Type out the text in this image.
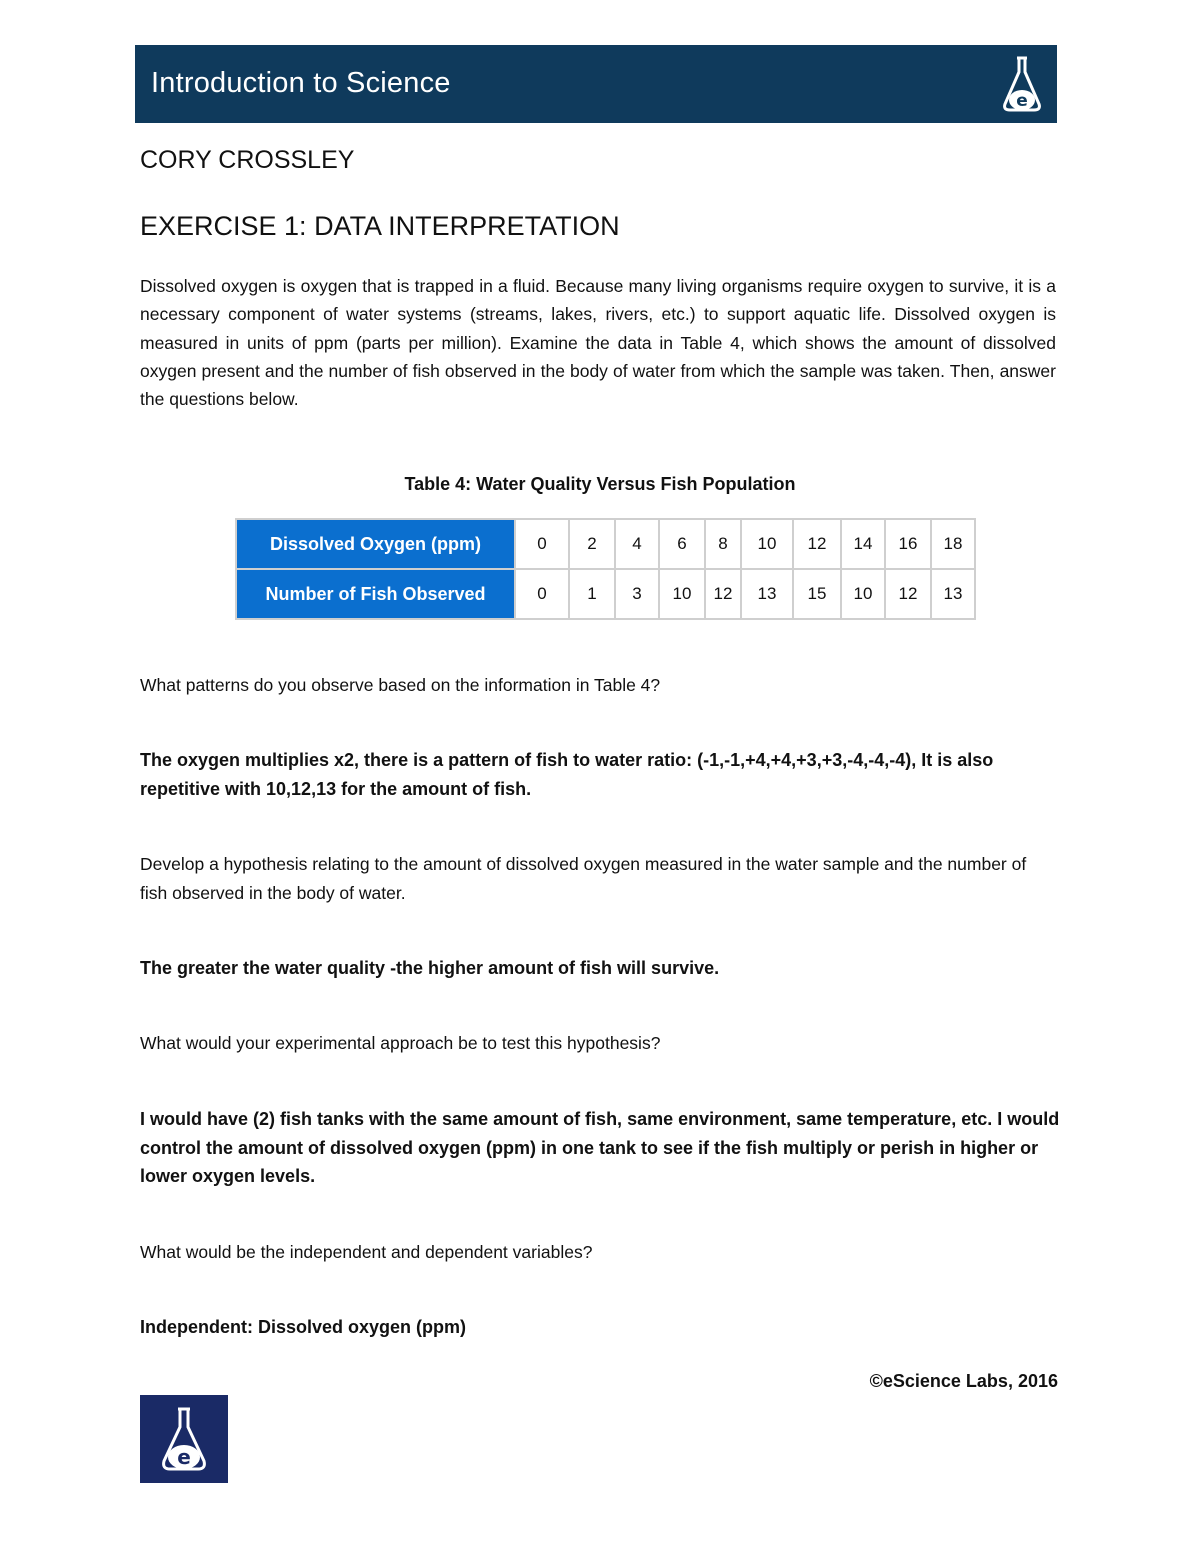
Introduction to Science
e
CORY CROSSLEY
EXERCISE 1: DATA INTERPRETATION
Dissolved oxygen is oxygen that is trapped in a fluid. Because many living organisms require oxygen to survive, it is a necessary component of water systems (streams, lakes, rivers, etc.) to support aquatic life. Dissolved oxygen is measured in units of ppm (parts per million). Examine the data in Table 4, which shows the amount of dissolved oxygen present and the number of fish observed in the body of water from which the sample was taken. Then, answer the questions below.
Table 4: Water Quality Versus Fish Population
Dissolved Oxygen (ppm)	0	2	4	6	8	10	12	14	16	18
Number of Fish Observed	0	1	3	10	12	13	15	10	12	13
What patterns do you observe based on the information in Table 4?
The oxygen multiplies x2, there is a pattern of fish to water ratio: (-1,-1,+4,+4,+3,+3,-4,-4,-4), It is also repetitive with 10,12,13 for the amount of fish.
Develop a hypothesis relating to the amount of dissolved oxygen measured in the water sample and the number of fish observed in the body of water.
The greater the water quality -the higher amount of fish will survive.
What would your experimental approach be to test this hypothesis?
I would have (2) fish tanks with the same amount of fish, same environment, same temperature, etc. I would control the amount of dissolved oxygen (ppm) in one tank to see if the fish multiply or perish in higher or lower oxygen levels.
What would be the independent and dependent variables?
Independent: Dissolved oxygen (ppm)
©eScience Labs, 2016
e
